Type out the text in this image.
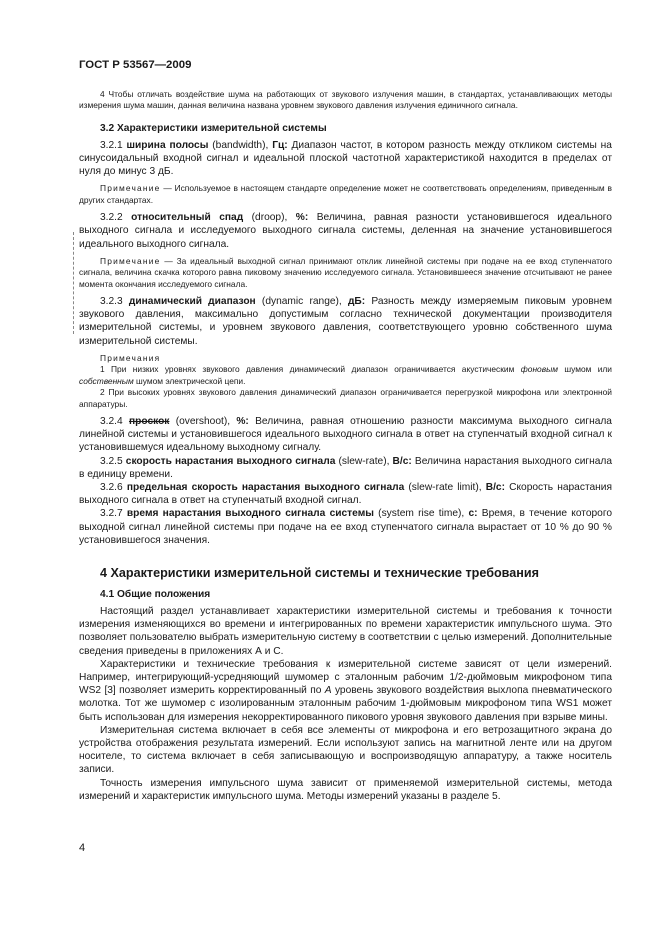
ГОСТ Р 53567—2009

4 Чтобы отличать воздействие шума на работающих от звукового излучения машин, в стандартах, устанавливающих методы измерения шума машин, данная величина названа уровнем звукового давления излучения единичного сигнала.

3.2 Характеристики измерительной системы

3.2.1 ширина полосы (bandwidth), Гц: Диапазон частот, в котором разность между откликом системы на синусоидальный входной сигнал и идеальной плоской частотной характеристикой находится в пределах от нуля до минус 3 дБ.

Примечание — Используемое в настоящем стандарте определение может не соответствовать определениям, приведенным в других стандартах.

3.2.2 относительный спад (droop), %: Величина, равная разности установившегося идеального выходного сигнала и исследуемого выходного сигнала системы, деленная на значение установившегося идеального выходного сигнала.

Примечание — За идеальный выходной сигнал принимают отклик линейной системы при подаче на ее вход ступенчатого сигнала, величина скачка которого равна пиковому значению исследуемого сигнала. Установившееся значение отсчитывают не ранее момента окончания исследуемого сигнала.

3.2.3 динамический диапазон (dynamic range), дБ: Разность между измеряемым пиковым уровнем звукового давления, максимально допустимым согласно технической документации производителя измерительной системы, и уровнем звукового давления, соответствующего уровню собственного шума измерительной системы.

Примечания

1 При низких уровнях звукового давления динамический диапазон ограничивается акустическим фоновым шумом или собственным шумом электрической цепи.

2 При высоких уровнях звукового давления динамический диапазон ограничивается перегрузкой микрофона или электронной аппаратуры.

3.2.4 проскок (overshoot), %: Величина, равная отношению разности максимума выходного сигнала линейной системы и установившегося идеального выходного сигнала в ответ на ступенчатый входной сигнал к установившемуся идеальному выходному сигналу.

3.2.5 скорость нарастания выходного сигнала (slew-rate), В/с: Величина нарастания выходного сигнала в единицу времени.

3.2.6 предельная скорость нарастания выходного сигнала (slew-rate limit), В/с: Скорость нарастания выходного сигнала в ответ на ступенчатый входной сигнал.

3.2.7 время нарастания выходного сигнала системы (system rise time), с: Время, в течение которого выходной сигнал линейной системы при подаче на ее вход ступенчатого сигнала вырастает от 10 % до 90 % установившегося значения.

4 Характеристики измерительной системы и технические требования

4.1 Общие положения

Настоящий раздел устанавливает характеристики измерительной системы и требования к точности измерения изменяющихся во времени и интегрированных по времени характеристик импульсного шума. Это позволяет пользователю выбрать измерительную систему в соответствии с целью измерений. Дополнительные сведения приведены в приложениях А и С.

Характеристики и технические требования к измерительной системе зависят от цели измерений. Например, интегрирующий-усредняющий шумомер с эталонным рабочим 1/2-дюймовым микрофоном типа WS2 [3] позволяет измерить корректированный по А уровень звукового воздействия выхлопа пневматического молотка. Тот же шумомер с изолированным эталонным рабочим 1-дюймовым микрофоном типа WS1 может быть использован для измерения некорректированного пикового уровня звукового давления при взрыве мины.

Измерительная система включает в себя все элементы от микрофона и его ветрозащитного экрана до устройства отображения результата измерений. Если используют запись на магнитной ленте или на другом носителе, то система включает в себя записывающую и воспроизводящую аппаратуру, а также носитель записи.

Точность измерения импульсного шума зависит от применяемой измерительной системы, метода измерений и характеристик импульсного шума. Методы измерений указаны в разделе 5.

4
